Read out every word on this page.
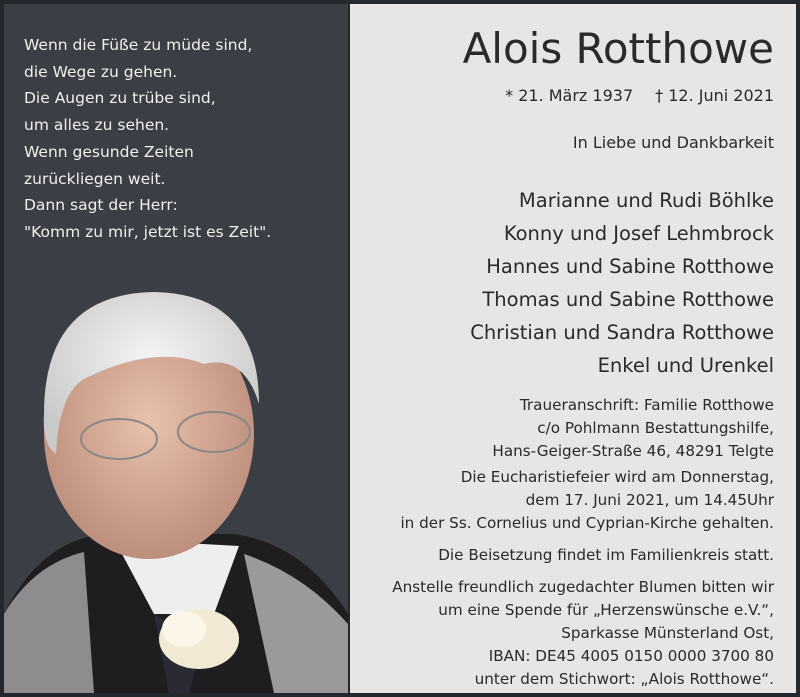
Wenn die Füße zu müde sind,
die Wege zu gehen.
Die Augen zu trübe sind,
um alles zu sehen.
Wenn gesunde Zeiten
zurückliegen weit.
Dann sagt der Herr:
"Komm zu mir, jetzt ist es Zeit".
Alois Rotthowe
* 21. März 1937 † 12. Juni 2021
In Liebe und Dankbarkeit
Marianne und Rudi Böhlke
Konny und Josef Lehmbrock
Hannes und Sabine Rotthowe
Thomas und Sabine Rotthowe
Christian und Sandra Rotthowe
Enkel und Urenkel
Traueranschrift: Familie Rotthowe
c/o Pohlmann Bestattungshilfe,
Hans-Geiger-Straße 46, 48291 Telgte
Die Eucharistiefeier wird am Donnerstag,
dem 17. Juni 2021, um 14.45Uhr
in der Ss. Cornelius und Cyprian-Kirche gehalten.
Die Beisetzung findet im Familienkreis statt.
Anstelle freundlich zugedachter Blumen bitten wir
um eine Spende für „Herzenswünsche e.V.“,
Sparkasse Münsterland Ost,
IBAN: DE45 4005 0150 0000 3700 80
unter dem Stichwort: „Alois Rotthowe“.
